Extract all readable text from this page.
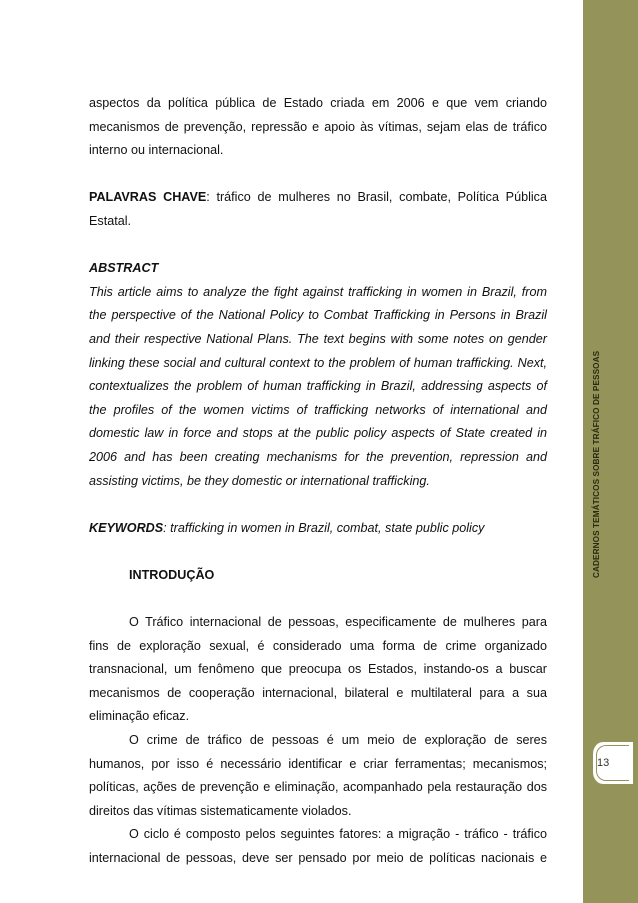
CADERNOS TEMÁTICOS SOBRE TRÁFICO DE PESSOAS
13
aspectos da política pública de Estado criada em 2006 e que vem criando
mecanismos de prevenção, repressão e apoio às vítimas, sejam elas de tráfico
interno ou internacional.
PALAVRAS CHAVE: tráfico de mulheres no Brasil, combate, Política Pública
Estatal.
ABSTRACT
This article aims to analyze the fight against trafficking in women in Brazil, from
the perspective of the National Policy to Combat Trafficking in Persons in Brazil
and their respective National Plans. The text begins with some notes on gender
linking these social and cultural context to the problem of human trafficking. Next,
contextualizes the problem of human trafficking in Brazil, addressing aspects of
the profiles of the women victims of trafficking networks of international and
domestic law in force and stops at the public policy aspects of State created in
2006 and has been creating mechanisms for the prevention, repression and
assisting victims, be they domestic or international trafficking.
KEYWORDS: trafficking in women in Brazil, combat, state public policy
INTRODUÇÃO
O Tráfico internacional de pessoas, especificamente de mulheres para
fins de exploração sexual, é considerado uma forma de crime organizado
transnacional, um fenômeno que preocupa os Estados, instando-os a buscar
mecanismos de cooperação internacional, bilateral e multilateral para a sua
eliminação eficaz.
O crime de tráfico de pessoas é um meio de exploração de seres
humanos, por isso é necessário identificar e criar ferramentas; mecanismos;
políticas, ações de prevenção e eliminação, acompanhado pela restauração dos
direitos das vítimas sistematicamente violados.
O ciclo é composto pelos seguintes fatores: a migração - tráfico - tráfico
internacional de pessoas, deve ser pensado por meio de políticas nacionais e
